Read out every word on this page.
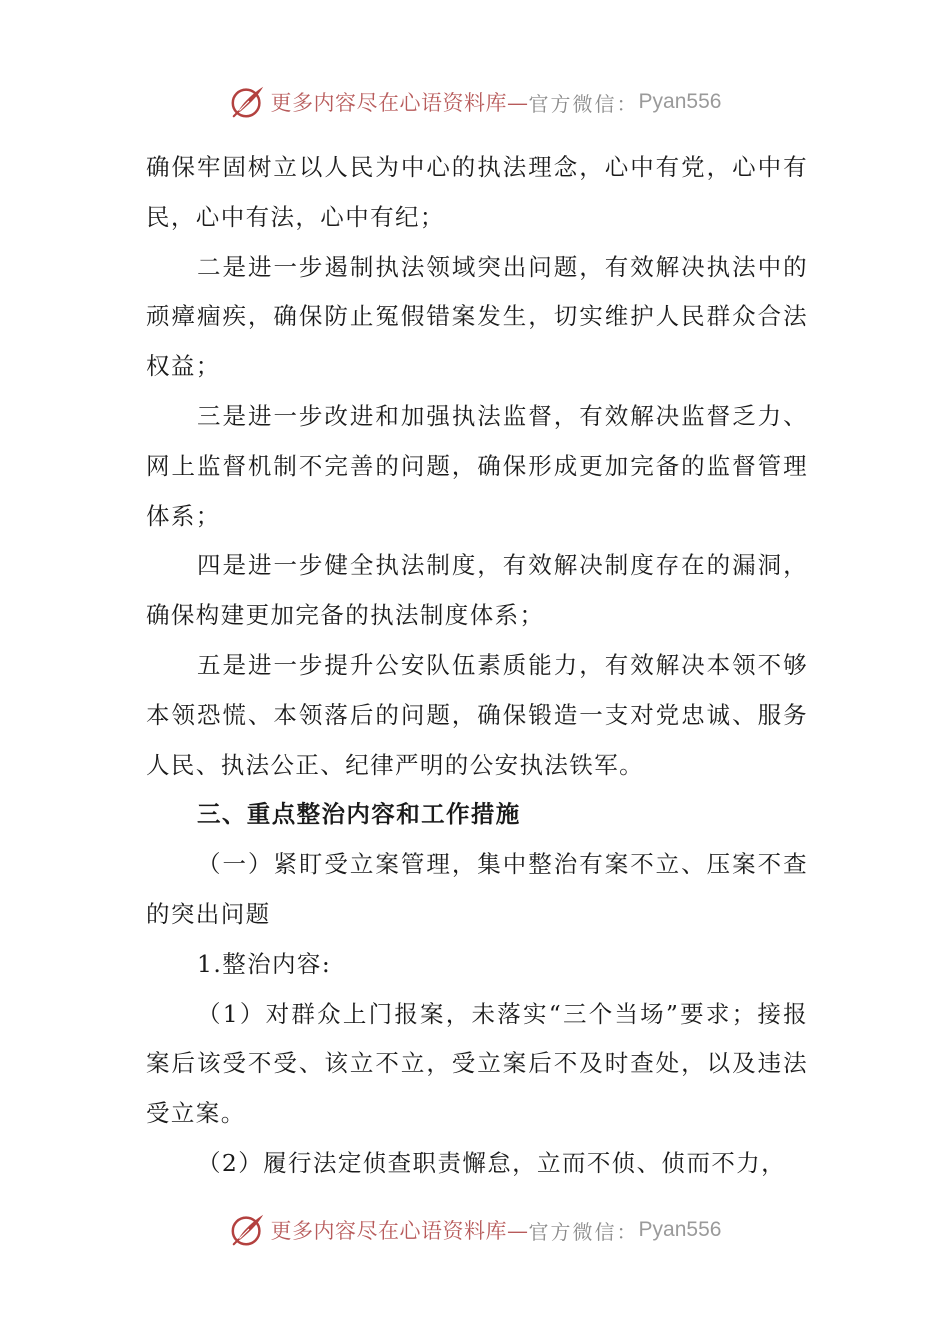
更多内容尽在心语资料库— 官方微信： Pyan556

确保牢固树立以人民为中心的执法理念，心中有党，心中有民，心中有法，心中有纪；

二是进一步遏制执法领域突出问题，有效解决执法中的顽瘴痼疾，确保防止冤假错案发生，切实维护人民群众合法权益；

三是进一步改进和加强执法监督，有效解决监督乏力、网上监督机制不完善的问题，确保形成更加完备的监督管理体系；

四是进一步健全执法制度，有效解决制度存在的漏洞，确保构建更加完备的执法制度体系；

五是进一步提升公安队伍素质能力，有效解决本领不够本领恐慌、本领落后的问题，确保锻造一支对党忠诚、服务人民、执法公正、纪律严明的公安执法铁军。

三、重点整治内容和工作措施

（一）紧盯受立案管理，集中整治有案不立、压案不查的突出问题

1.整治内容:

（1）对群众上门报案，未落实“三个当场”要求；接报案后该受不受、该立不立，受立案后不及时查处，以及违法受立案。

（2）履行法定侦查职责懈怠，立而不侦、侦而不力，

更多内容尽在心语资料库— 官方微信： Pyan556
